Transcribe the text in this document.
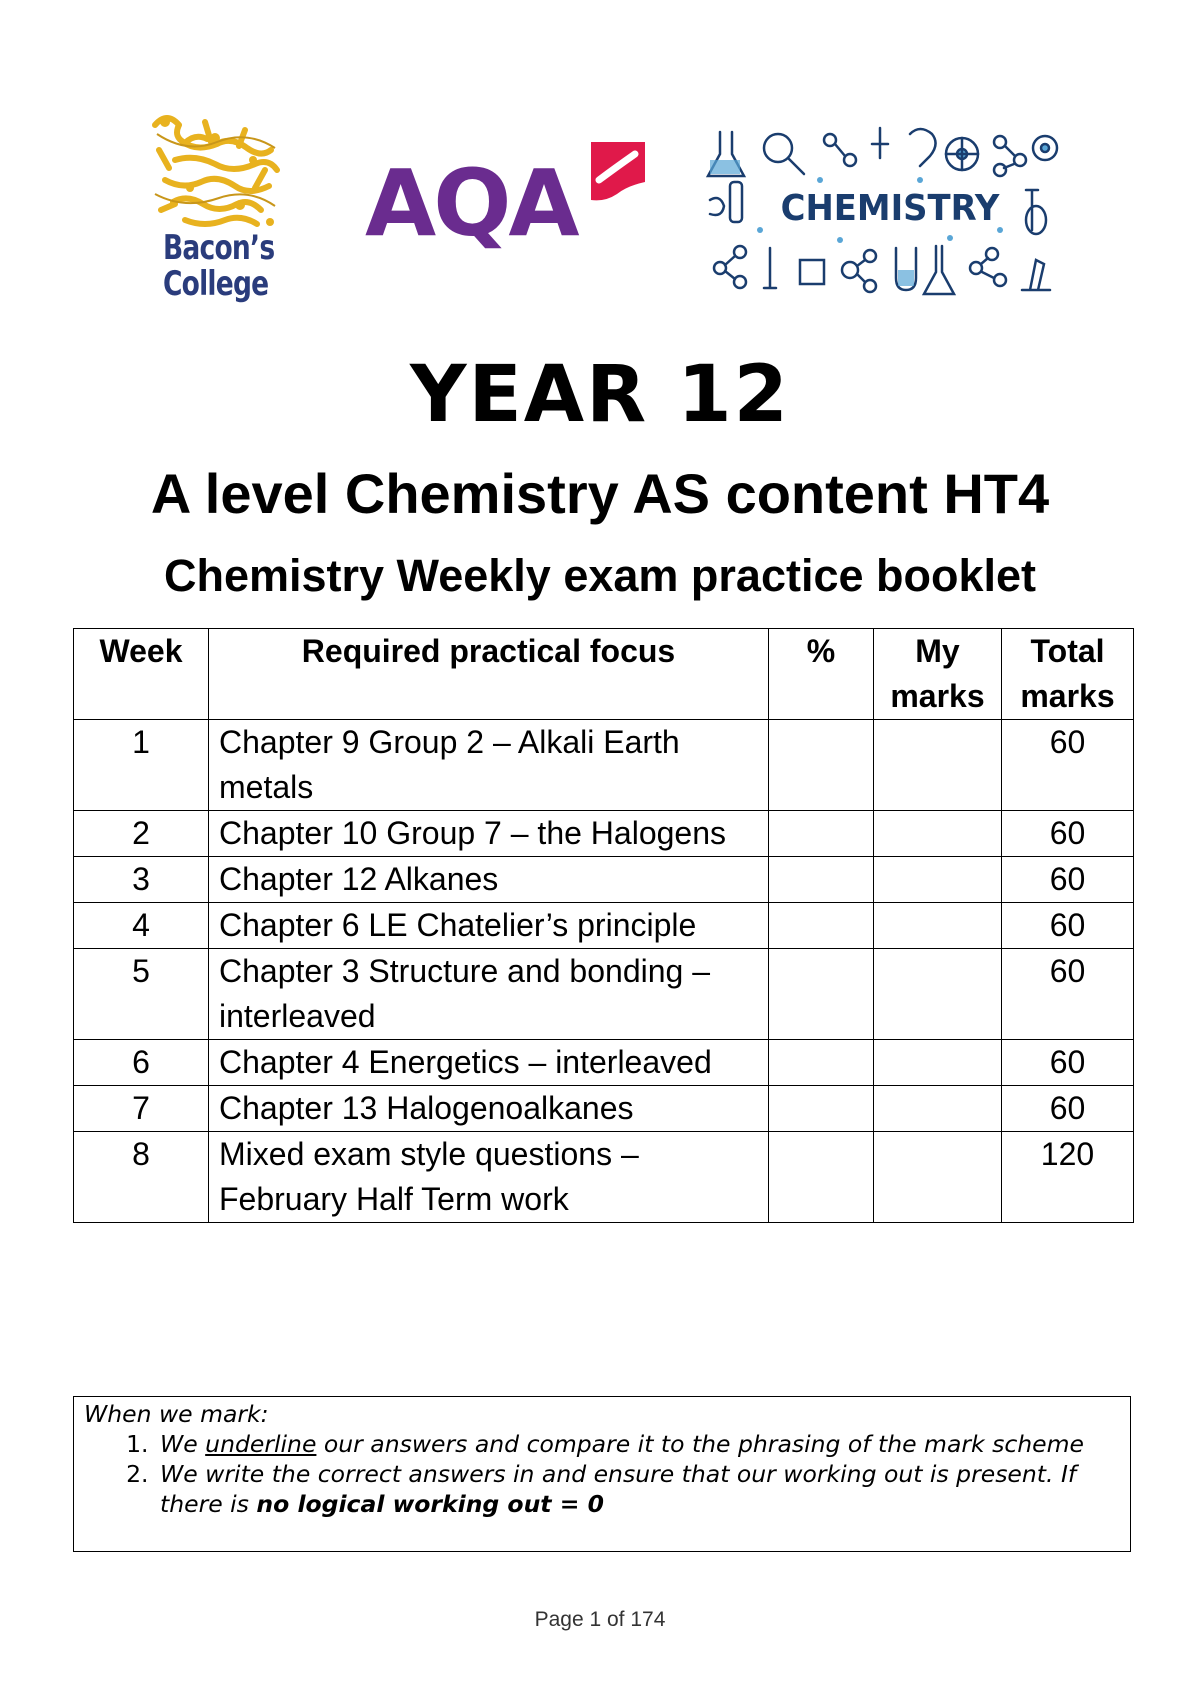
Bacon’s
College
AQA	CHEMISTRY
YEAR 12
A level Chemistry AS content HT4
Chemistry Weekly exam practice booklet
Week	Required practical focus	%	My marks	Total marks
1	Chapter 9 Group 2 – Alkali Earth metals			60
2	Chapter 10 Group 7 – the Halogens			60
3	Chapter 12 Alkanes			60
4	Chapter 6 LE Chatelier’s principle			60
5	Chapter 3 Structure and bonding – interleaved			60
6	Chapter 4 Energetics – interleaved			60
7	Chapter 13 Halogenoalkanes			60
8	Mixed exam style questions – February Half Term work			120
When we mark:
1. We underline our answers and compare it to the phrasing of the mark scheme
2. We write the correct answers in and ensure that our working out is present. If there is no logical working out = 0
Page 1 of 174
